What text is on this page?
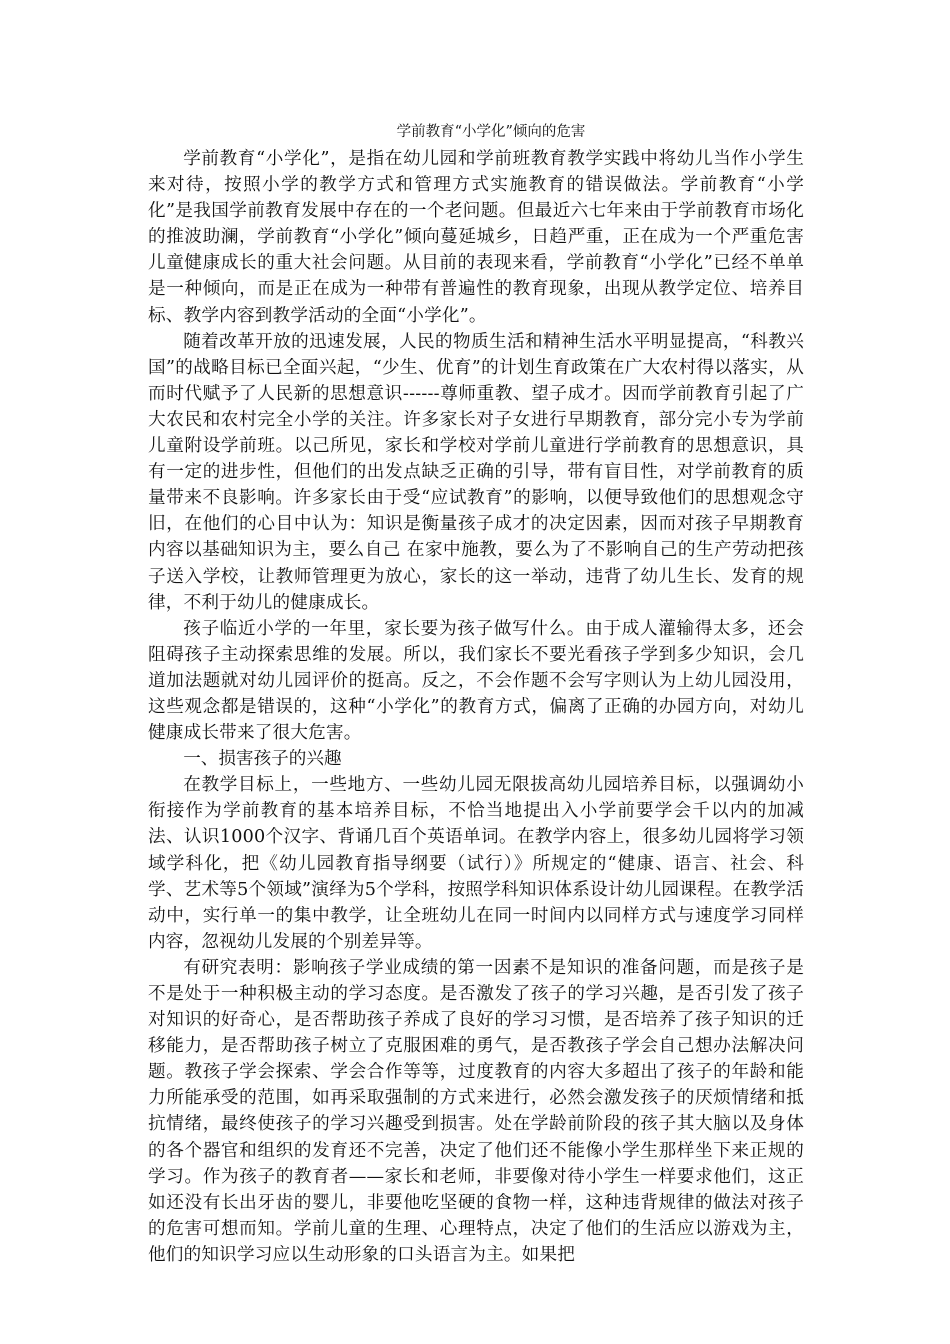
学前教育“小学化”倾向的危害

学前教育“小学化”，是指在幼儿园和学前班教育教学实践中将幼儿当作小学生来对待，按照小学的教学方式和管理方式实施教育的错误做法。学前教育“小学化”是我国学前教育发展中存在的一个老问题。但最近六七年来由于学前教育市场化的推波助澜，学前教育“小学化”倾向蔓延城乡，日趋严重，正在成为一个严重危害儿童健康成长的重大社会问题。从目前的表现来看，学前教育“小学化”已经不单单是一种倾向，而是正在成为一种带有普遍性的教育现象，出现从教学定位、培养目标、教学内容到教学活动的全面“小学化”。

随着改革开放的迅速发展，人民的物质生活和精神生活水平明显提高，“科教兴国”的战略目标已全面兴起，“少生、优育”的计划生育政策在广大农村得以落实，从而时代赋予了人民新的思想意识------尊师重教、望子成才。因而学前教育引起了广大农民和农村完全小学的关注。许多家长对子女进行早期教育，部分完小专为学前儿童附设学前班。以己所见，家长和学校对学前儿童进行学前教育的思想意识，具有一定的进步性，但他们的出发点缺乏正确的引导，带有盲目性，对学前教育的质量带来不良影响。许多家长由于受“应试教育”的影响，以便导致他们的思想观念守旧，在他们的心目中认为：知识是衡量孩子成才的决定因素，因而对孩子早期教育内容以基础知识为主，要么自己 在家中施教，要么为了不影响自己的生产劳动把孩子送入学校，让教师管理更为放心，家长的这一举动，违背了幼儿生长、发育的规律，不利于幼儿的健康成长。

孩子临近小学的一年里，家长要为孩子做写什么。由于成人灌输得太多，还会阻碍孩子主动探索思维的发展。所以，我们家长不要光看孩子学到多少知识，会几道加法题就对幼儿园评价的挺高。反之，不会作题不会写字则认为上幼儿园没用，这些观念都是错误的，这种“小学化”的教育方式，偏离了正确的办园方向，对幼儿健康成长带来了很大危害。

一、损害孩子的兴趣

在教学目标上，一些地方、一些幼儿园无限拔高幼儿园培养目标，以强调幼小衔接作为学前教育的基本培养目标，不恰当地提出入小学前要学会千以内的加减法、认识1000个汉字、背诵几百个英语单词。在教学内容上，很多幼儿园将学习领域学科化，把《幼儿园教育指导纲要（试行）》所规定的“健康、语言、社会、科学、艺术等5个领域”演绎为5个学科，按照学科知识体系设计幼儿园课程。在教学活动中，实行单一的集中教学，让全班幼儿在同一时间内以同样方式与速度学习同样内容，忽视幼儿发展的个别差异等。

有研究表明：影响孩子学业成绩的第一因素不是知识的准备问题，而是孩子是不是处于一种积极主动的学习态度。是否激发了孩子的学习兴趣，是否引发了孩子对知识的好奇心，是否帮助孩子养成了良好的学习习惯，是否培养了孩子知识的迁移能力，是否帮助孩子树立了克服困难的勇气，是否教孩子学会自己想办法解决问题。教孩子学会探索、学会合作等等，过度教育的内容大多超出了孩子的年龄和能力所能承受的范围，如再采取强制的方式来进行，必然会激发孩子的厌烦情绪和抵抗情绪，最终使孩子的学习兴趣受到损害。处在学龄前阶段的孩子其大脑以及身体的各个器官和组织的发育还不完善，决定了他们还不能像小学生那样坐下来正规的学习。作为孩子的教育者——家长和老师，非要像对待小学生一样要求他们，这正如还没有长出牙齿的婴儿，非要他吃坚硬的食物一样，这种违背规律的做法对孩子的危害可想而知。学前儿童的生理、心理特点，决定了他们的生活应以游戏为主，他们的知识学习应以生动形象的口头语言为主。如果把
